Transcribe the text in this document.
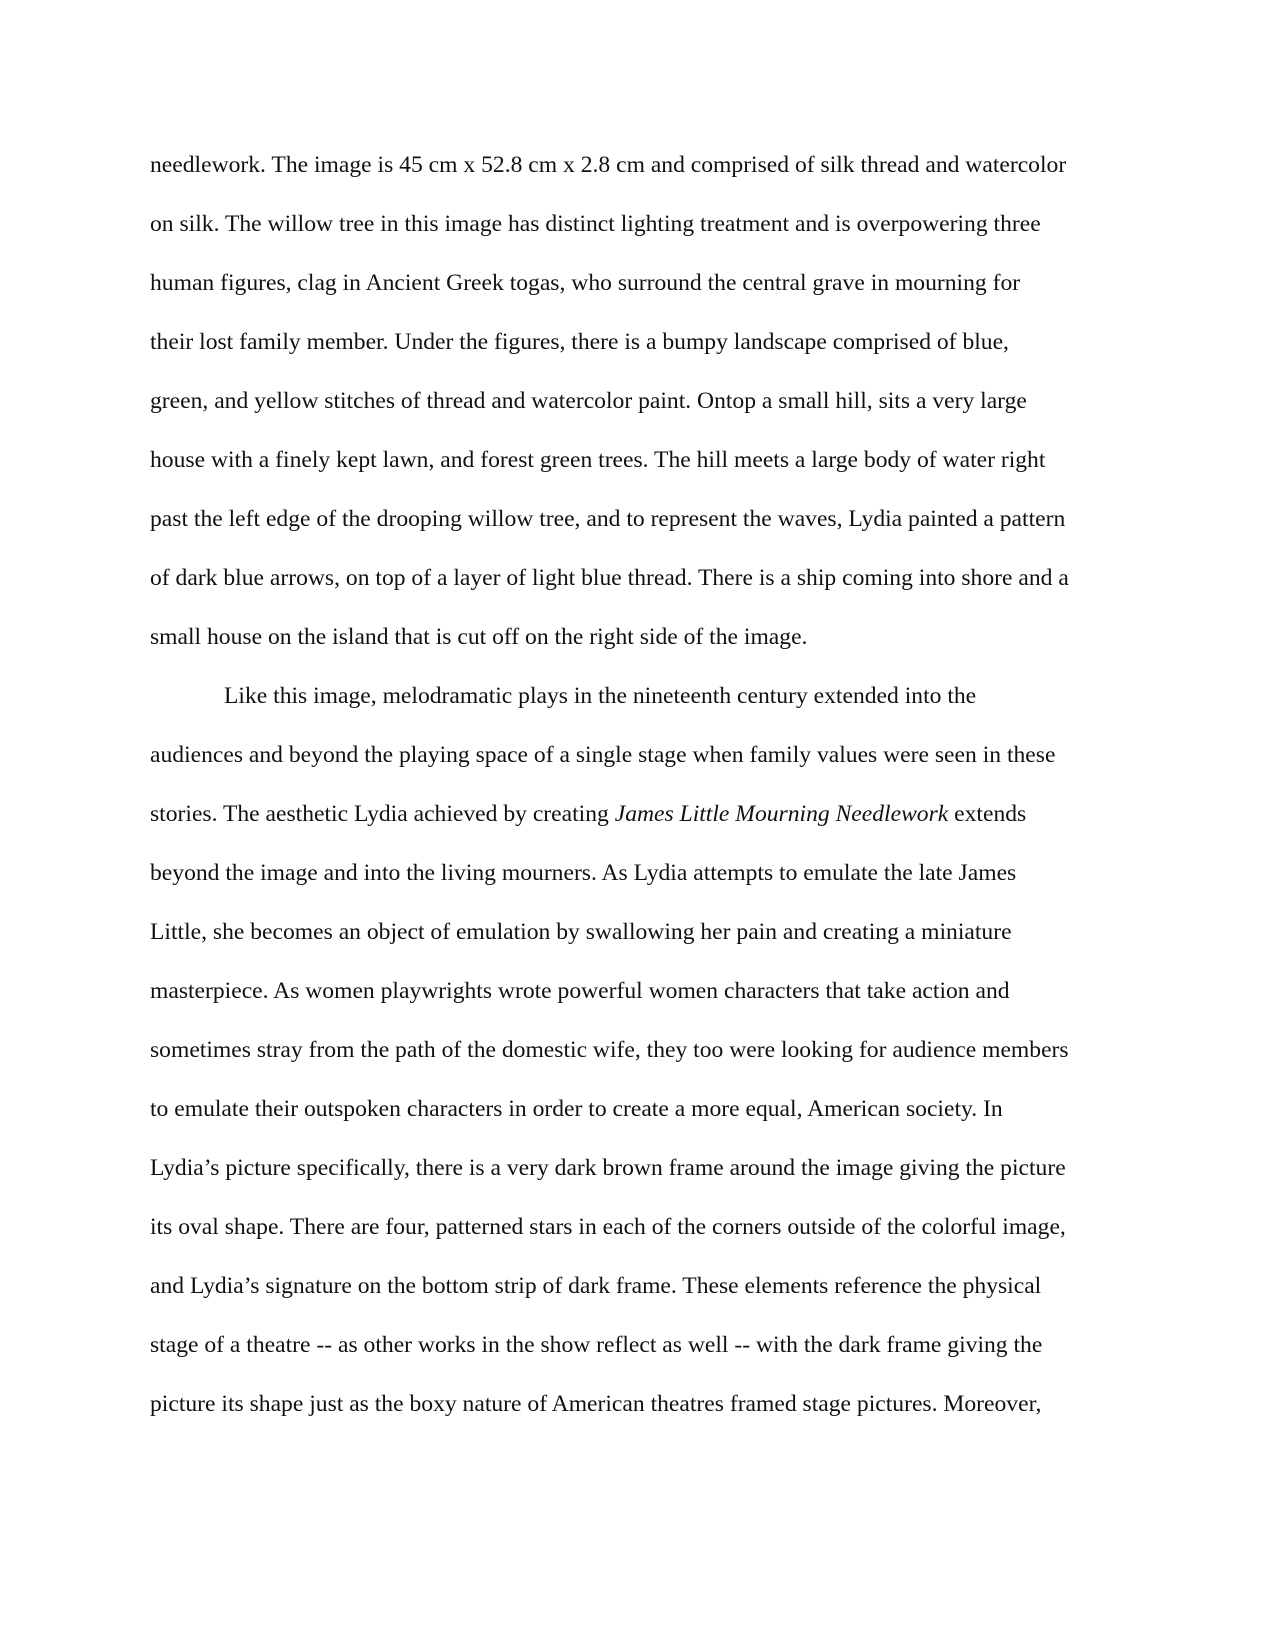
needlework. The image is 45 cm x 52.8 cm x 2.8 cm and comprised of silk thread and watercolor
on silk. The willow tree in this image has distinct lighting treatment and is overpowering three
human figures, clag in Ancient Greek togas, who surround the central grave in mourning for
their lost family member. Under the figures, there is a bumpy landscape comprised of blue,
green, and yellow stitches of thread and watercolor paint. Ontop a small hill, sits a very large
house with a finely kept lawn, and forest green trees. The hill meets a large body of water right
past the left edge of the drooping willow tree, and to represent the waves, Lydia painted a pattern
of dark blue arrows, on top of a layer of light blue thread. There is a ship coming into shore and a
small house on the island that is cut off on the right side of the image.
Like this image, melodramatic plays in the nineteenth century extended into the
audiences and beyond the playing space of a single stage when family values were seen in these
stories. The aesthetic Lydia achieved by creating James Little Mourning Needlework extends
beyond the image and into the living mourners. As Lydia attempts to emulate the late James
Little, she becomes an object of emulation by swallowing her pain and creating a miniature
masterpiece. As women playwrights wrote powerful women characters that take action and
sometimes stray from the path of the domestic wife, they too were looking for audience members
to emulate their outspoken characters in order to create a more equal, American society. In
Lydia’s picture specifically, there is a very dark brown frame around the image giving the picture
its oval shape. There are four, patterned stars in each of the corners outside of the colorful image,
and Lydia’s signature on the bottom strip of dark frame. These elements reference the physical
stage of a theatre -- as other works in the show reflect as well -- with the dark frame giving the
picture its shape just as the boxy nature of American theatres framed stage pictures. Moreover,
